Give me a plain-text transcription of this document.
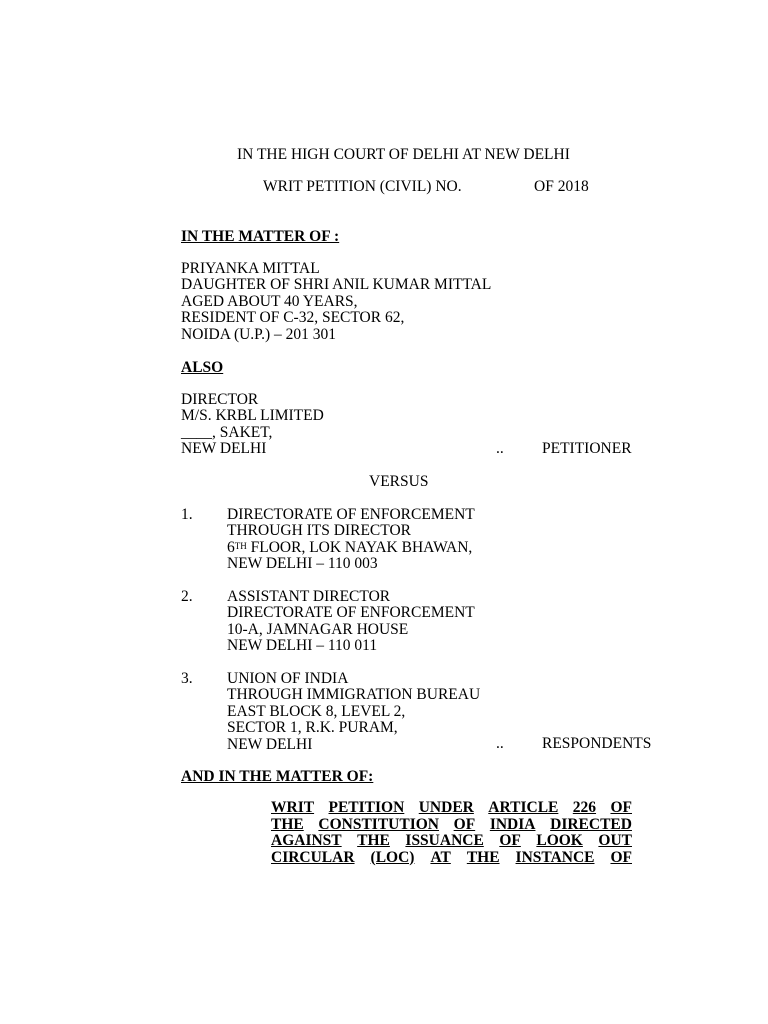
IN THE HIGH COURT OF DELHI AT NEW DELHI
WRIT PETITION (CIVIL) NO.	OF 2018
IN THE MATTER OF :
PRIYANKA MITTAL
DAUGHTER OF SHRI ANIL KUMAR MITTAL
AGED ABOUT 40 YEARS,
RESIDENT OF C-32, SECTOR 62,
NOIDA (U.P.) – 201 301
ALSO
DIRECTOR
M/S. KRBL LIMITED
____, SAKET,
NEW DELHI	.. PETITIONER
VERSUS
1. DIRECTORATE OF ENFORCEMENT
THROUGH ITS DIRECTOR
6TH FLOOR, LOK NAYAK BHAWAN,
NEW DELHI – 110 003
2. ASSISTANT DIRECTOR
DIRECTORATE OF ENFORCEMENT
10-A, JAMNAGAR HOUSE
NEW DELHI – 110 011
3. UNION OF INDIA
THROUGH IMMIGRATION BUREAU
EAST BLOCK 8, LEVEL 2,
SECTOR 1, R.K. PURAM,
NEW DELHI	.. RESPONDENTS
AND IN THE MATTER OF:
WRIT PETITION UNDER ARTICLE 226 OF
THE CONSTITUTION OF INDIA DIRECTED
AGAINST THE ISSUANCE OF LOOK OUT
CIRCULAR (LOC) AT THE INSTANCE OF
